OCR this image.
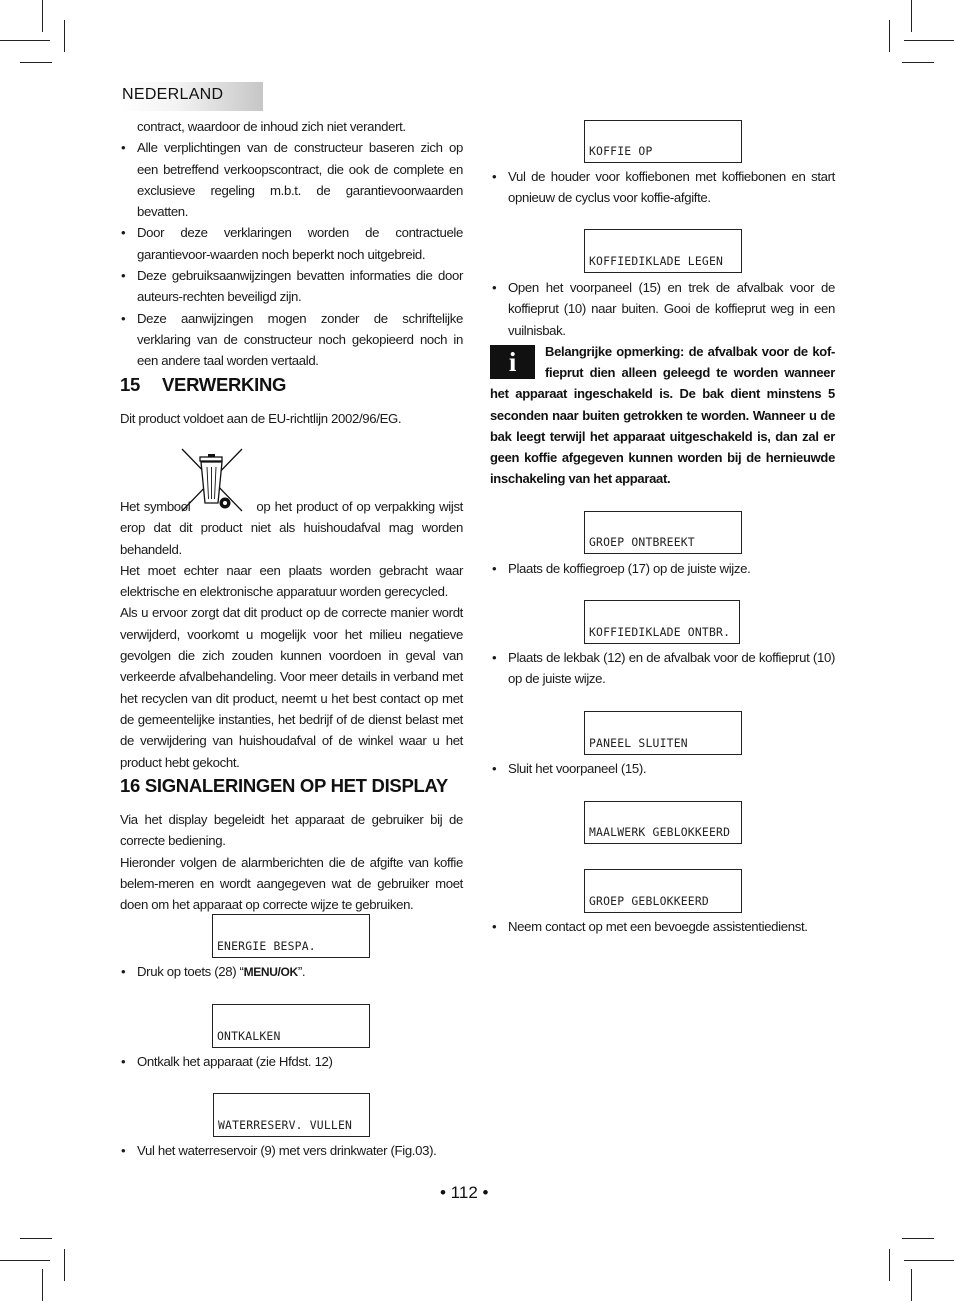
NEDERLAND

contract, waardoor de inhoud zich niet verandert.

• Alle verplichtingen van de constructeur baseren zich op een betreffend verkoopscontract, die ook de complete en exclusieve regeling m.b.t. de garantievoorwaarden bevatten.
• Door deze verklaringen worden de contractuele garantievoor-waarden noch beperkt noch uitgebreid.
• Deze gebruiksaanwijzingen bevatten informaties die door auteurs-rechten beveiligd zijn.
• Deze aanwijzingen mogen zonder de schriftelijke verklaring van de constructeur noch gekopieerd noch in een andere taal worden vertaald.
15 VERWERKING
Dit product voldoet aan de EU-richtlijn 2002/96/EG.

Het symbool	op het product of op verpakking wijst erop dat dit product niet als huishoudafval mag worden behandeld.

Het moet echter naar een plaats worden gebracht waar elektrische en elektronische apparatuur worden gerecycled.

Als u ervoor zorgt dat dit product op de correcte manier wordt verwijderd, voorkomt u mogelijk voor het milieu negatieve gevolgen die zich zouden kunnen voordoen in geval van verkeerde afvalbehandeling. Voor meer details in verband met het recyclen van dit product, neemt u het best contact op met de gemeentelijke instanties, het bedrijf of de dienst belast met de verwijdering van huishoudafval of de winkel waar u het product hebt gekocht.

16 SIGNALERINGEN OP HET DISPLAY

Via het display begeleidt het apparaat de gebruiker bij de correcte bediening.

Hieronder volgen de alarmberichten die de afgifte van koffie belem-meren en wordt aangegeven wat de gebruiker moet doen om het apparaat op correcte wijze te gebruiken.

ENERGIE BESPA.
• Druk op toets (28) “MENU/OK”.
ONTKALKEN
• Ontkalk het apparaat (zie Hfdst. 12)
WATERRESERV. VULLEN
• Vul het waterreservoir (9) met vers drinkwater (Fig.03).
KOFFIE OP
• Vul de houder voor koffiebonen met koffiebonen en start opnieuw de cyclus voor koffie-afgifte.
KOFFIEDIKLADE LEGEN
• Open het voorpaneel (15) en trek de afvalbak voor de koffieprut (10) naar buiten. Gooi de koffieprut weg in een vuilnisbak.
i	Belangrijke opmerking: de afvalbak voor de kof-fieprut dien alleen geleegd te worden wanneer het apparaat ingeschakeld is. De bak dient minstens 5 seconden naar buiten getrokken te worden. Wanneer u de bak leegt terwijl het apparaat uitgeschakeld is, dan zal er geen koffie afgegeven kunnen worden bij de hernieuwde inschakeling van het apparaat.
GROEP ONTBREEKT
• Plaats de koffiegroep (17) op de juiste wijze.
KOFFIEDIKLADE ONTBR.
• Plaats de lekbak (12) en de afvalbak voor de koffieprut (10) op de juiste wijze.
PANEEL SLUITEN
• Sluit het voorpaneel (15).
MAALWERK GEBLOKKEERD
GROEP GEBLOKKEERD
• Neem contact op met een bevoegde assistentiedienst.
• 112 •
